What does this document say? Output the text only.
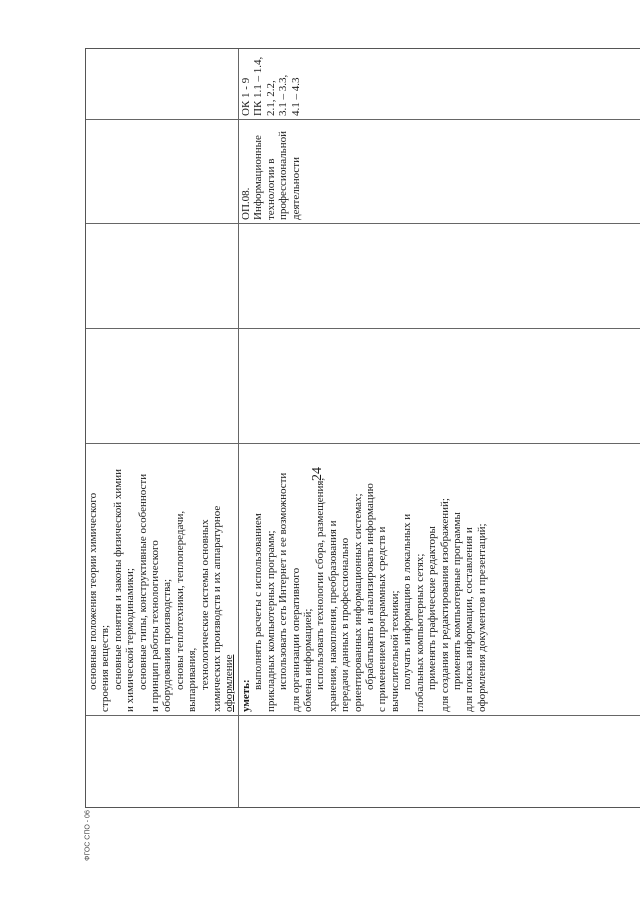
24
основные положения теории химического строения веществ; основные понятия и законы физической химии и химической термодинамики; основные типы, конструктивные особенности и принцип работы технологического оборудования производства; основы теплотехники, теплопередачи, выпаривания, технологические системы основных химических производств и их аппаратурное оформление уметь:
выполнять расчеты с использованием прикладных компьютерных программ; использовать сеть Интернет и ее возможности для организации оперативного обмена информацией; использовать технологии сбора, размещения, хранения, накопления, преобразования и передачи данных в профессионально ориентированных информационных системах; обрабатывать и анализировать информацию с применением программных средств и вычислительной техники; получать информацию в локальных и глобальных компьютерных сетях; применять графические редакторы для создания и редактирования изображений; применять компьютерные программы для поиска информации, составления и оформления документов и презентаций;
ОП.08. Информационные технологии в профессиональной деятельности
ОК 1 - 9 ПК 1.1 – 1.4, 2.1, 2.2, 3.1 – 3.3, 4.1 – 4.3
ФГОС СПО - 06
